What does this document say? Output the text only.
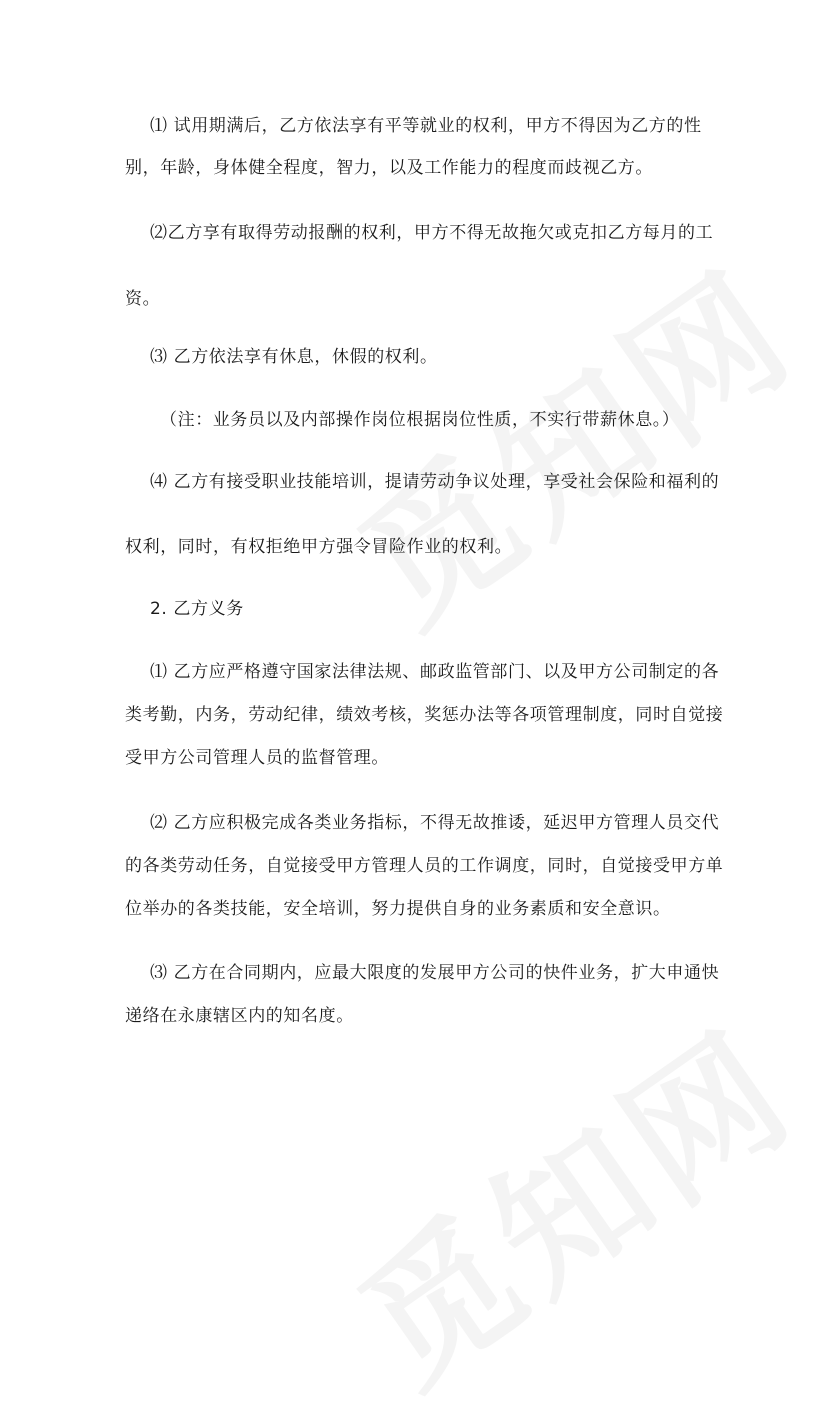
⑴ 试用期满后，乙方依法享有平等就业的权利，甲方不得因为乙方的性
别，年龄，身体健全程度，智力，以及工作能力的程度而歧视乙方。
⑵乙方享有取得劳动报酬的权利，甲方不得无故拖欠或克扣乙方每月的工
资。
⑶ 乙方依法享有休息，休假的权利。
（注：业务员以及内部操作岗位根据岗位性质，不实行带薪休息。）
⑷ 乙方有接受职业技能培训，提请劳动争议处理，享受社会保险和福利的
权利，同时，有权拒绝甲方强令冒险作业的权利。
2. 乙方义务
⑴ 乙方应严格遵守国家法律法规、邮政监管部门、以及甲方公司制定的各
类考勤，内务，劳动纪律，绩效考核，奖惩办法等各项管理制度，同时自觉接
受甲方公司管理人员的监督管理。
⑵ 乙方应积极完成各类业务指标，不得无故推诿，延迟甲方管理人员交代
的各类劳动任务，自觉接受甲方管理人员的工作调度，同时，自觉接受甲方单
位举办的各类技能，安全培训，努力提供自身的业务素质和安全意识。
⑶ 乙方在合同期内，应最大限度的发展甲方公司的快件业务，扩大申通快
递络在永康辖区内的知名度。
